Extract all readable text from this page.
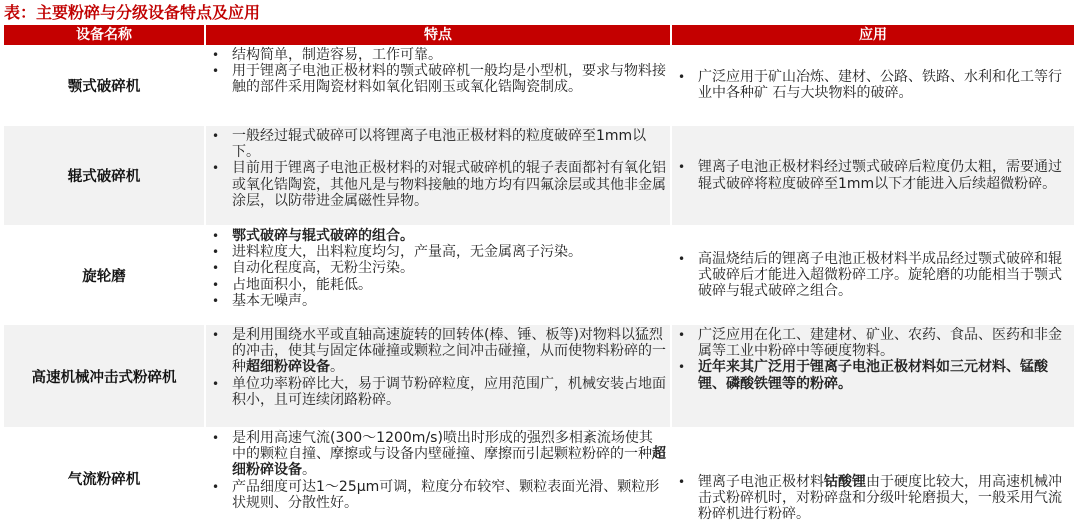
表：主要粉碎与分级设备特点及应用
设备名称	特点	应用
颚式破碎机
• 结构简单，制造容易，工作可靠。
• 用于锂离子电池正极材料的颚式破碎机一般均是小型机，要求与物料接触的部件采用陶瓷材料如氧化铝刚玉或氧化锆陶瓷制成。
• 广泛应用于矿山冶炼、建材、公路、铁路、水利和化工等行业中各种矿 石与大块物料的破碎。
辊式破碎机
• 一般经过辊式破碎可以将锂离子电池正极材料的粒度破碎至1mm以下。
• 目前用于锂离子电池正极材料的对辊式破碎机的辊子表面都衬有氧化铝或氧化锆陶瓷，其他凡是与物料接触的地方均有四氟涂层或其他非金属涂层，以防带进金属磁性异物。
• 锂离子电池正极材料经过颚式破碎后粒度仍太粗，需要通过辊式破碎将粒度破碎至1mm以下才能进入后续超微粉碎。
旋轮磨
• 鄂式破碎与辊式破碎的组合。
• 进料粒度大，出料粒度均匀，产量高，无金属离子污染。
• 自动化程度高，无粉尘污染。
• 占地面积小，能耗低。
• 基本无噪声。
• 高温烧结后的锂离子电池正极材料半成品经过颚式破碎和辊式破碎后才能进入超微粉碎工序。旋轮磨的功能相当于颚式破碎与辊式破碎之组合。
高速机械冲击式粉碎机
• 是利用围绕水平或直轴高速旋转的回转体(棒、锤、板等)对物料以猛烈的冲击，使其与固定体碰撞或颗粒之间冲击碰撞，从而使物料粉碎的一种超细粉碎设备。
• 单位功率粉碎比大，易于调节粉碎粒度，应用范围广，机械安装占地面积小，且可连续闭路粉碎。
• 广泛应用在化工、建建材、矿业、农药、食品、医药和非金属等工业中粉碎中等硬度物料。
• 近年来其广泛用于锂离子电池正极材料如三元材料、锰酸锂、磷酸铁锂等的粉碎。
气流粉碎机
• 是利用高速气流(300～1200m/s)喷出时形成的强烈多相紊流场使其中的颗粒自撞、摩擦或与设备内壁碰撞、摩擦而引起颗粒粉碎的一种超细粉碎设备。
• 产品细度可达1～25μm可调，粒度分布较窄、颗粒表面光滑、颗粒形状规则、分散性好。
• 锂离子电池正极材料钴酸锂由于硬度比较大，用高速机械冲击式粉碎机时，对粉碎盘和分级叶轮磨损大，一般采用气流粉碎机进行粉碎。
